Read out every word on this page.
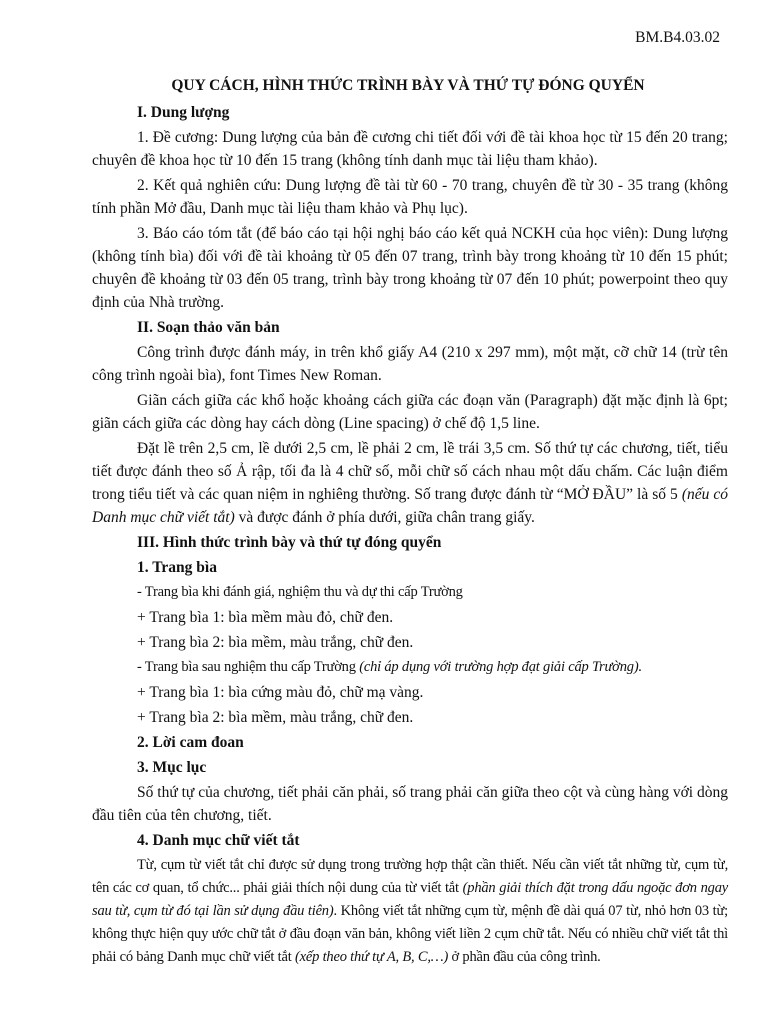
BM.B4.03.02
QUY CÁCH, HÌNH THỨC TRÌNH BÀY VÀ THỨ TỰ ĐÓNG QUYỂN

I. Dung lượng

1. Đề cương: Dung lượng của bản đề cương chi tiết đối với đề tài khoa học từ 15 đến 20 trang; chuyên đề khoa học từ 10 đến 15 trang (không tính danh mục tài liệu tham khảo).

2. Kết quả nghiên cứu: Dung lượng đề tài từ 60 - 70 trang, chuyên đề từ 30 - 35 trang (không tính phần Mở đầu, Danh mục tài liệu tham khảo và Phụ lục).

3. Báo cáo tóm tắt (để báo cáo tại hội nghị báo cáo kết quả NCKH của học viên): Dung lượng (không tính bìa) đối với đề tài khoảng từ 05 đến 07 trang, trình bày trong khoảng từ 10 đến 15 phút; chuyên đề khoảng từ 03 đến 05 trang, trình bày trong khoảng từ 07 đến 10 phút; powerpoint theo quy định của Nhà trường.

II. Soạn thảo văn bản

Công trình được đánh máy, in trên khổ giấy A4 (210 x 297 mm), một mặt, cỡ chữ 14 (trừ tên công trình ngoài bìa), font Times New Roman.

Giãn cách giữa các khổ hoặc khoảng cách giữa các đoạn văn (Paragraph) đặt mặc định là 6pt; giãn cách giữa các dòng hay cách dòng (Line spacing) ở chế độ 1,5 line.

Đặt lề trên 2,5 cm, lề dưới 2,5 cm, lề phải 2 cm, lề trái 3,5 cm. Số thứ tự các chương, tiết, tiểu tiết được đánh theo số Ả rập, tối đa là 4 chữ số, mỗi chữ số cách nhau một dấu chấm. Các luận điểm trong tiểu tiết và các quan niệm in nghiêng thường. Số trang được đánh từ “MỞ ĐẦU” là số 5 (nếu có Danh mục chữ viết tắt) và được đánh ở phía dưới, giữa chân trang giấy.

III. Hình thức trình bày và thứ tự đóng quyển

1. Trang bìa

- Trang bìa khi đánh giá, nghiệm thu và dự thi cấp Trường

+ Trang bìa 1: bìa mềm màu đỏ, chữ đen.

+ Trang bìa 2: bìa mềm, màu trắng, chữ đen.

- Trang bìa sau nghiệm thu cấp Trường (chỉ áp dụng với trường hợp đạt giải cấp Trường).

+ Trang bìa 1: bìa cứng màu đỏ, chữ mạ vàng.

+ Trang bìa 2: bìa mềm, màu trắng, chữ đen.

2. Lời cam đoan

3. Mục lục

Số thứ tự của chương, tiết phải căn phải, số trang phải căn giữa theo cột và cùng hàng với dòng đầu tiên của tên chương, tiết.

4. Danh mục chữ viết tắt

Từ, cụm từ viết tắt chỉ được sử dụng trong trường hợp thật cần thiết. Nếu cần viết tắt những từ, cụm từ, tên các cơ quan, tổ chức... phải giải thích nội dung của từ viết tắt (phần giải thích đặt trong dấu ngoặc đơn ngay sau từ, cụm từ đó tại lần sử dụng đầu tiên). Không viết tắt những cụm từ, mệnh đề dài quá 07 từ, nhỏ hơn 03 từ; không thực hiện quy ước chữ tắt ở đầu đoạn văn bản, không viết liền 2 cụm chữ tắt. Nếu có nhiều chữ viết tắt thì phải có bảng Danh mục chữ viết tắt (xếp theo thứ tự A, B, C,…) ở phần đầu của công trình.
